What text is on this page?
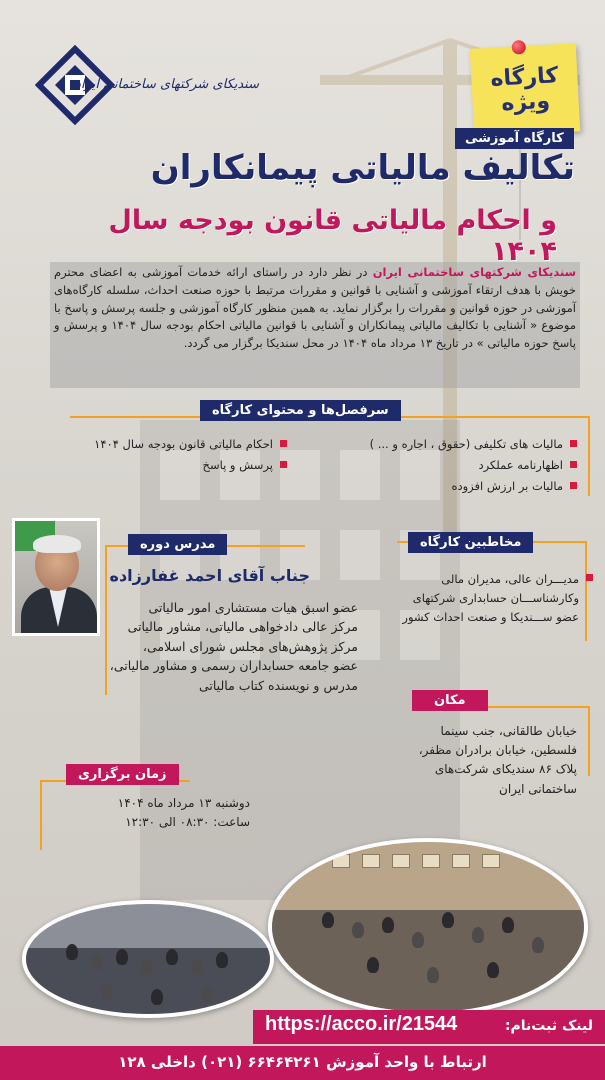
سندیکای شرکتهای ساختمانی ایران	کارگاه
ویژه
کارگاه آموزشی
تکالیف مالیاتی پیمانکاران
و احکام مالیاتی قانون بودجه سال ۱۴۰۴
سندیکای شرکتهای ساختمانی ایران در نظر دارد در راستای ارائه خدمات آموزشی به اعضای محترم خویش با هدف ارتقاء آموزشی و آشنایی با قوانین و مقررات مرتبط با حوزه صنعت احداث، سلسله کارگاه‌های آموزشی در حوزه قوانین و مقررات را برگزار نماید. به همین منظور کارگاه آموزشی و جلسه پرسش و پاسخ با موضوع « آشنایی با تکالیف مالیاتی پیمانکاران و آشنایی با قوانین مالیاتی احکام بودجه سال ۱۴۰۴ و پرسش و پاسخ حوزه مالیاتی » در تاریخ ۱۳ مرداد ماه ۱۴۰۴ در محل سندیکا برگزار می گردد.
سرفصل‌ها و محتوای کارگاه
مالیات های تکلیفی (حقوق ، اجاره و ... )
اظهارنامه عملکرد
مالیات بر ارزش افزوده
احکام مالیاتی قانون بودجه سال ۱۴۰۴
پرسش و پاسخ
مخاطبین کارگاه
مدیـــران عالی، مدیران مالی
وکارشناســـان حسابداری شرکتهای
عضو ســـندیکا و صنعت احداث کشور
مدرس دوره
جناب آقای احمد غفارزاده
عضو اسبق هیات مستشاری امور مالیاتی
مرکز عالی دادخواهی مالیاتی، مشاور مالیاتی
مرکز پژوهش‌های مجلس شورای اسلامی،
عضو جامعه حسابداران رسمی و مشاور مالیاتی،
مدرس و نویسنده کتاب مالیاتی
مکان
خیابان طالقانی، جنب سینما
فلسطین، خیابان برادران مظفر،
پلاک ۸۶ سندیکای شرکت‌های
ساختمانی ایران
زمان برگزاری
دوشنبه ۱۳ مرداد ماه ۱۴۰۴
ساعت: ۰۸:۳۰ الی ۱۲:۳۰
لینک ثبت‌نام:
https://acco.ir/21544
ارتباط با واحد آموزش ۶۶۴۶۴۲۶۱ (۰۲۱) داخلی ۱۲۸
